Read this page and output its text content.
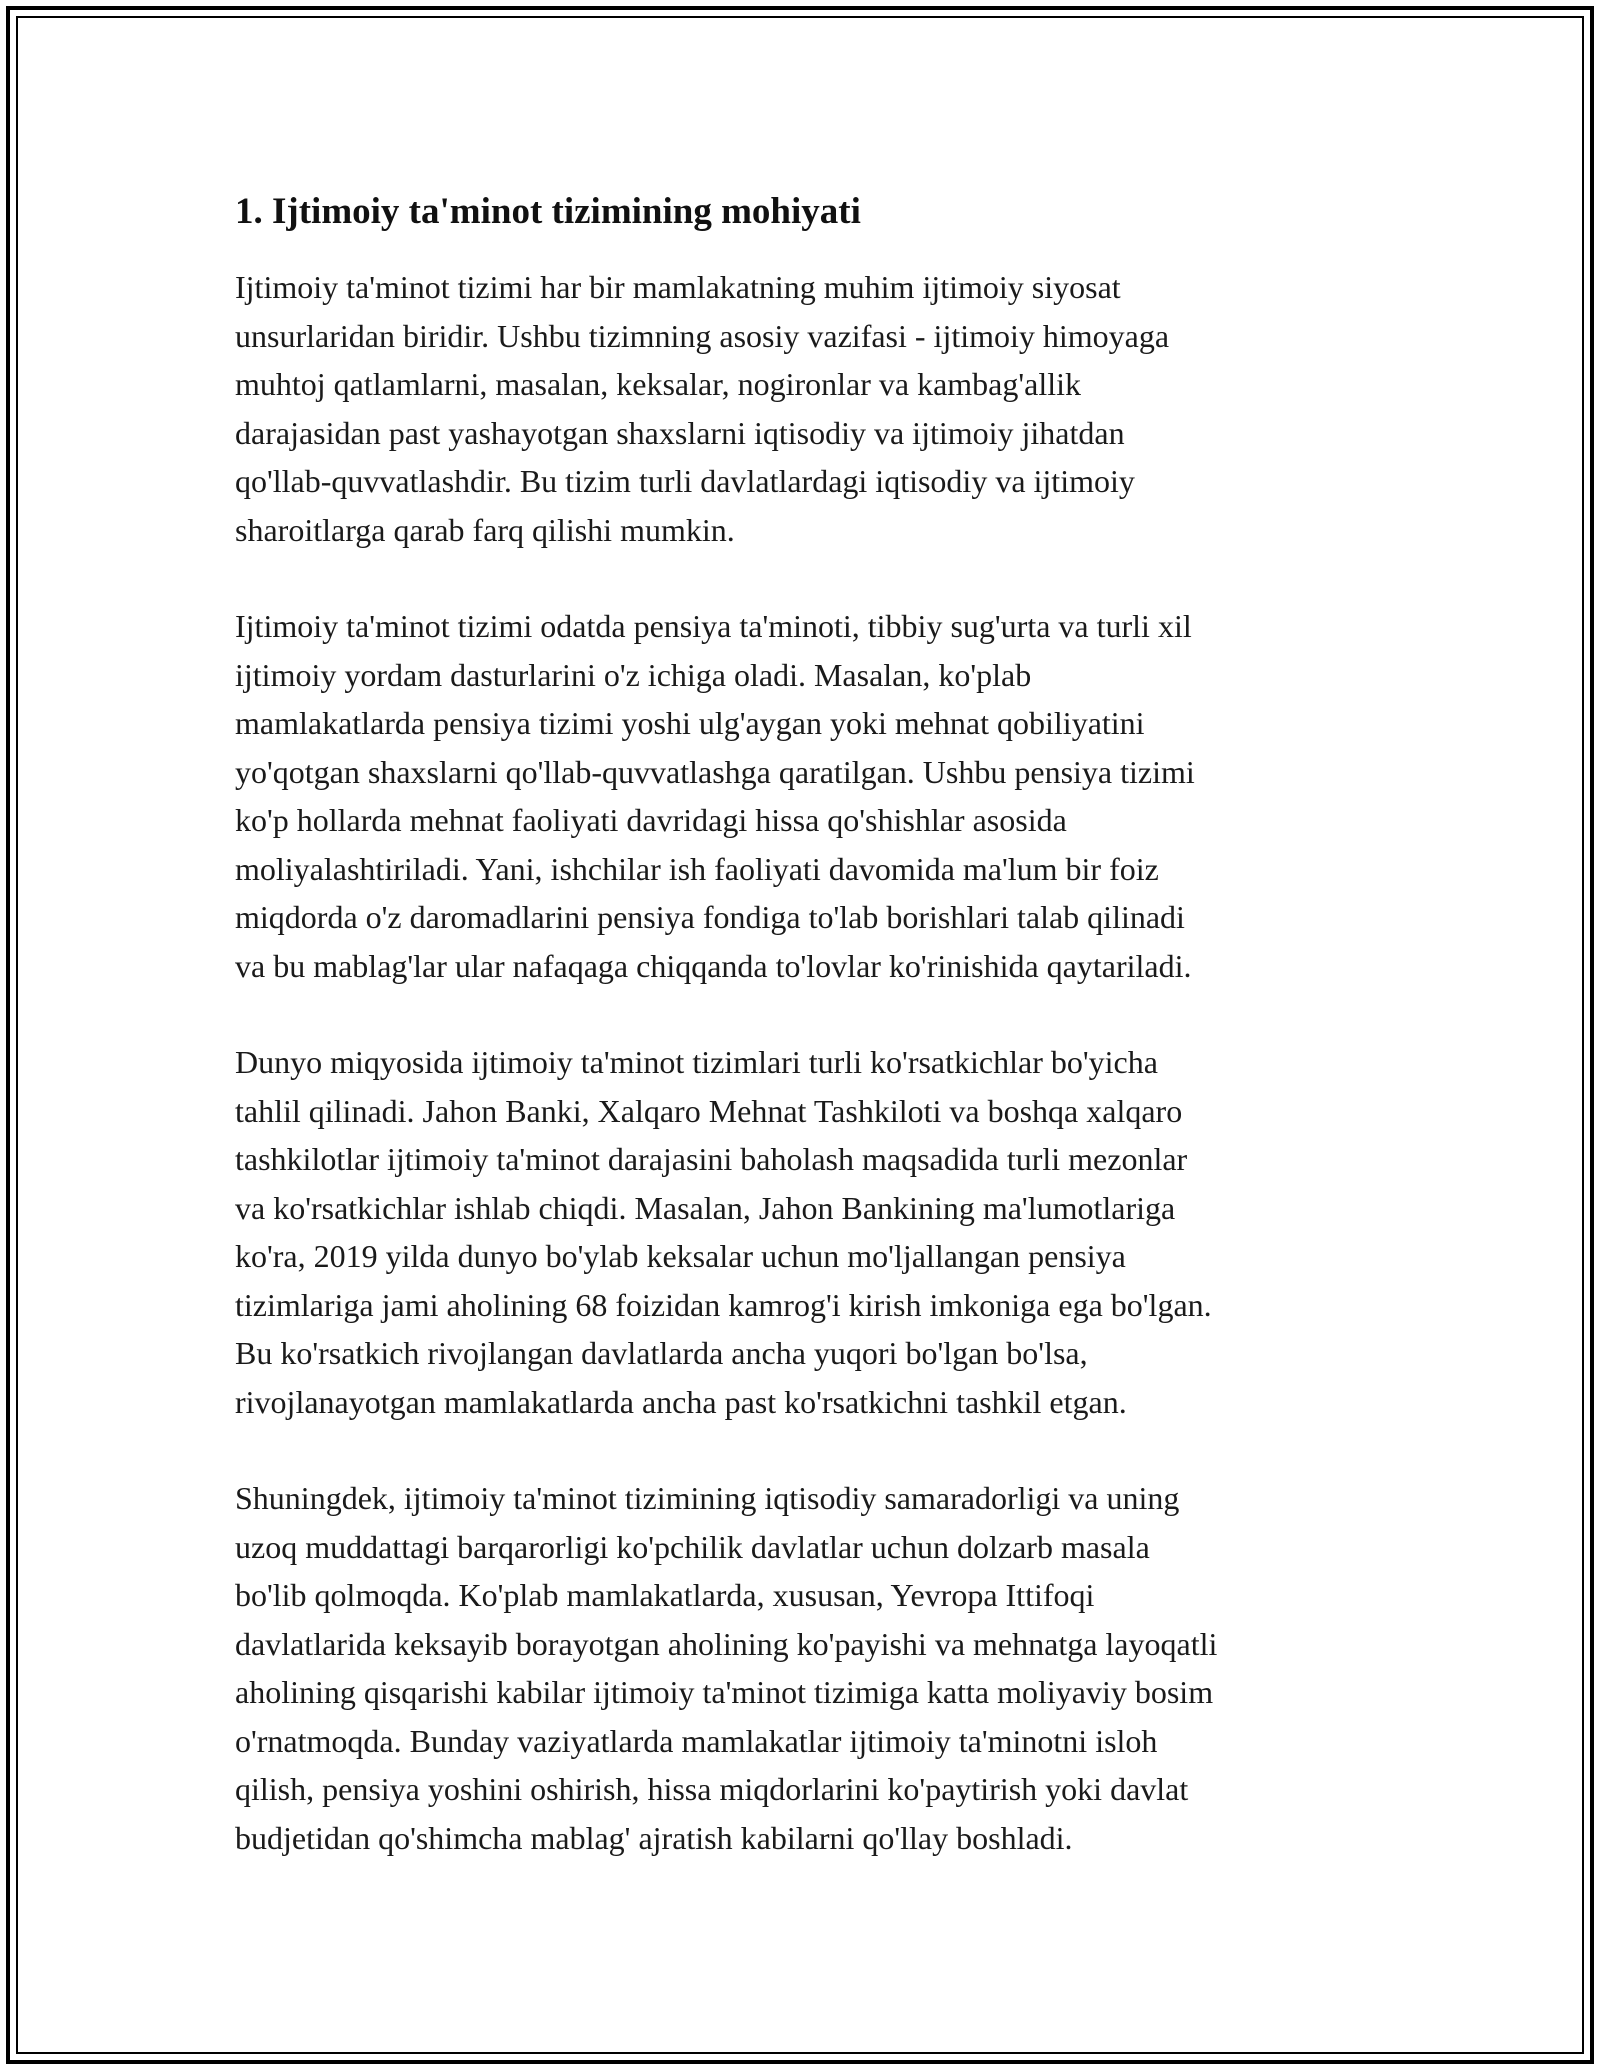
1. Ijtimoiy ta'minot tizimining mohiyati

Ijtimoiy ta'minot tizimi har bir mamlakatning muhim ijtimoiy siyosat
unsurlaridan biridir. Ushbu tizimning asosiy vazifasi - ijtimoiy himoyaga
muhtoj qatlamlarni, masalan, keksalar, nogironlar va kambag'allik
darajasidan past yashayotgan shaxslarni iqtisodiy va ijtimoiy jihatdan
qo'llab-quvvatlashdir. Bu tizim turli davlatlardagi iqtisodiy va ijtimoiy
sharoitlarga qarab farq qilishi mumkin.

Ijtimoiy ta'minot tizimi odatda pensiya ta'minoti, tibbiy sug'urta va turli xil
ijtimoiy yordam dasturlarini o'z ichiga oladi. Masalan, ko'plab
mamlakatlarda pensiya tizimi yoshi ulg'aygan yoki mehnat qobiliyatini
yo'qotgan shaxslarni qo'llab-quvvatlashga qaratilgan. Ushbu pensiya tizimi
ko'p hollarda mehnat faoliyati davridagi hissa qo'shishlar asosida
moliyalashtiriladi. Yani, ishchilar ish faoliyati davomida ma'lum bir foiz
miqdorda o'z daromadlarini pensiya fondiga to'lab borishlari talab qilinadi
va bu mablag'lar ular nafaqaga chiqqanda to'lovlar ko'rinishida qaytariladi.

Dunyo miqyosida ijtimoiy ta'minot tizimlari turli ko'rsatkichlar bo'yicha
tahlil qilinadi. Jahon Banki, Xalqaro Mehnat Tashkiloti va boshqa xalqaro
tashkilotlar ijtimoiy ta'minot darajasini baholash maqsadida turli mezonlar
va ko'rsatkichlar ishlab chiqdi. Masalan, Jahon Bankining ma'lumotlariga
ko'ra, 2019 yilda dunyo bo'ylab keksalar uchun mo'ljallangan pensiya
tizimlariga jami aholining 68 foizidan kamrog'i kirish imkoniga ega bo'lgan.
Bu ko'rsatkich rivojlangan davlatlarda ancha yuqori bo'lgan bo'lsa,
rivojlanayotgan mamlakatlarda ancha past ko'rsatkichni tashkil etgan.

Shuningdek, ijtimoiy ta'minot tizimining iqtisodiy samaradorligi va uning
uzoq muddattagi barqarorligi ko'pchilik davlatlar uchun dolzarb masala
bo'lib qolmoqda. Ko'plab mamlakatlarda, xususan, Yevropa Ittifoqi
davlatlarida keksayib borayotgan aholining ko'payishi va mehnatga layoqatli
aholining qisqarishi kabilar ijtimoiy ta'minot tizimiga katta moliyaviy bosim
o'rnatmoqda. Bunday vaziyatlarda mamlakatlar ijtimoiy ta'minotni isloh
qilish, pensiya yoshini oshirish, hissa miqdorlarini ko'paytirish yoki davlat
budjetidan qo'shimcha mablag' ajratish kabilarni qo'llay boshladi.
